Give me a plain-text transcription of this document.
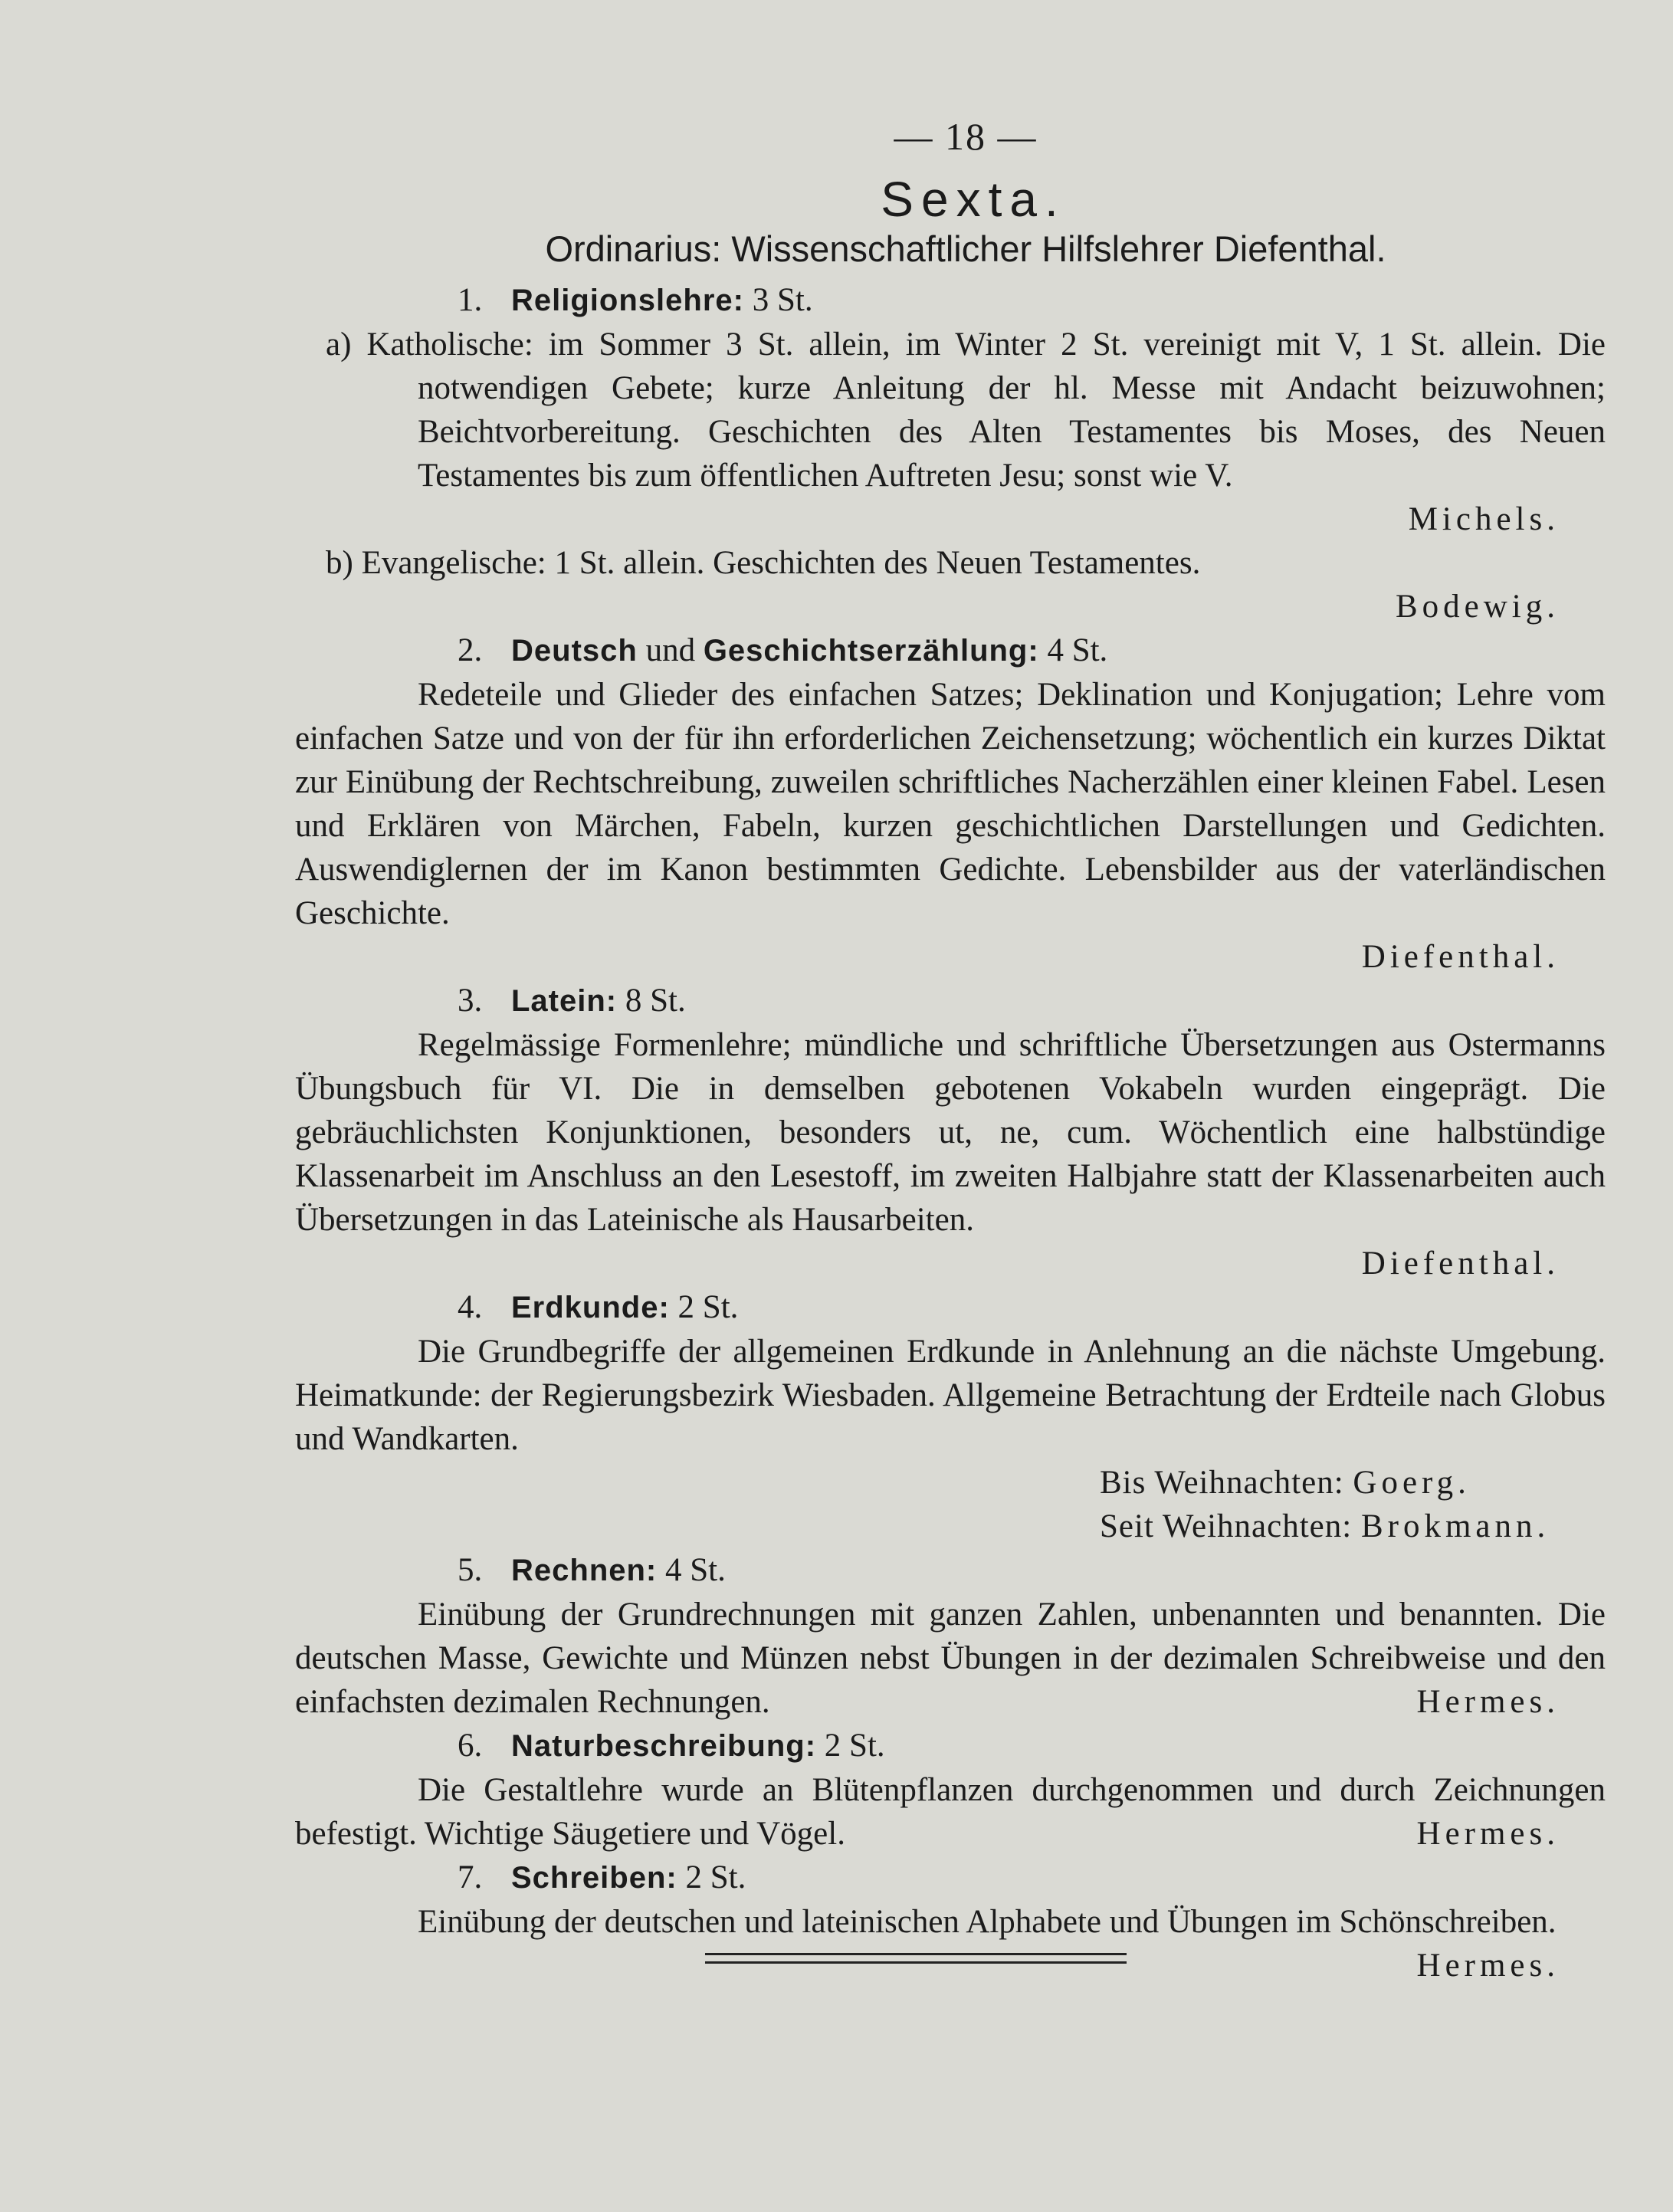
— 18 —
Sexta.
Ordinarius: Wissenschaftlicher Hilfslehrer Diefenthal.
1. Religionslehre: 3 St.
a) Katholische: im Sommer 3 St. allein, im Winter 2 St. vereinigt mit V, 1 St. allein. Die notwendigen Gebete; kurze Anleitung der hl. Messe mit Andacht beizuwohnen; Beichtvorbereitung. Geschichten des Alten Testamentes bis Moses, des Neuen Testamentes bis zum öffentlichen Auftreten Jesu; sonst wie V.
Michels.
b) Evangelische: 1 St. allein. Geschichten des Neuen Testamentes.
Bodewig.
2. Deutsch und Geschichtserzählung: 4 St.
Redeteile und Glieder des einfachen Satzes; Deklination und Konjugation; Lehre vom einfachen Satze und von der für ihn erforderlichen Zeichensetzung; wöchentlich ein kurzes Diktat zur Einübung der Rechtschreibung, zuweilen schriftliches Nacherzählen einer kleinen Fabel. Lesen und Erklären von Märchen, Fabeln, kurzen geschichtlichen Darstellungen und Gedichten. Auswendiglernen der im Kanon bestimmten Gedichte. Lebensbilder aus der vaterländischen Geschichte.
Diefenthal.
3. Latein: 8 St.
Regelmässige Formenlehre; mündliche und schriftliche Übersetzungen aus Ostermanns Übungsbuch für VI. Die in demselben gebotenen Vokabeln wurden eingeprägt. Die gebräuchlichsten Konjunktionen, besonders ut, ne, cum. Wöchentlich eine halbstündige Klassenarbeit im Anschluss an den Lesestoff, im zweiten Halbjahre statt der Klassenarbeiten auch Übersetzungen in das Lateinische als Hausarbeiten.
Diefenthal.
4. Erdkunde: 2 St.
Die Grundbegriffe der allgemeinen Erdkunde in Anlehnung an die nächste Umgebung. Heimatkunde: der Regierungsbezirk Wiesbaden. Allgemeine Betrachtung der Erdteile nach Globus und Wandkarten.
Bis Weihnachten: Goerg.
Seit Weihnachten: Brokmann.
5. Rechnen: 4 St.
Einübung der Grundrechnungen mit ganzen Zahlen, unbenannten und benannten. Die deutschen Masse, Gewichte und Münzen nebst Übungen in der dezimalen Schreibweise und den einfachsten dezimalen Rechnungen.	Hermes.
6. Naturbeschreibung: 2 St.
Die Gestaltlehre wurde an Blütenpflanzen durchgenommen und durch Zeichnungen befestigt. Wichtige Säugetiere und Vögel.	Hermes.
7. Schreiben: 2 St.
Einübung der deutschen und lateinischen Alphabete und Übungen im Schönschreiben.
Hermes.
